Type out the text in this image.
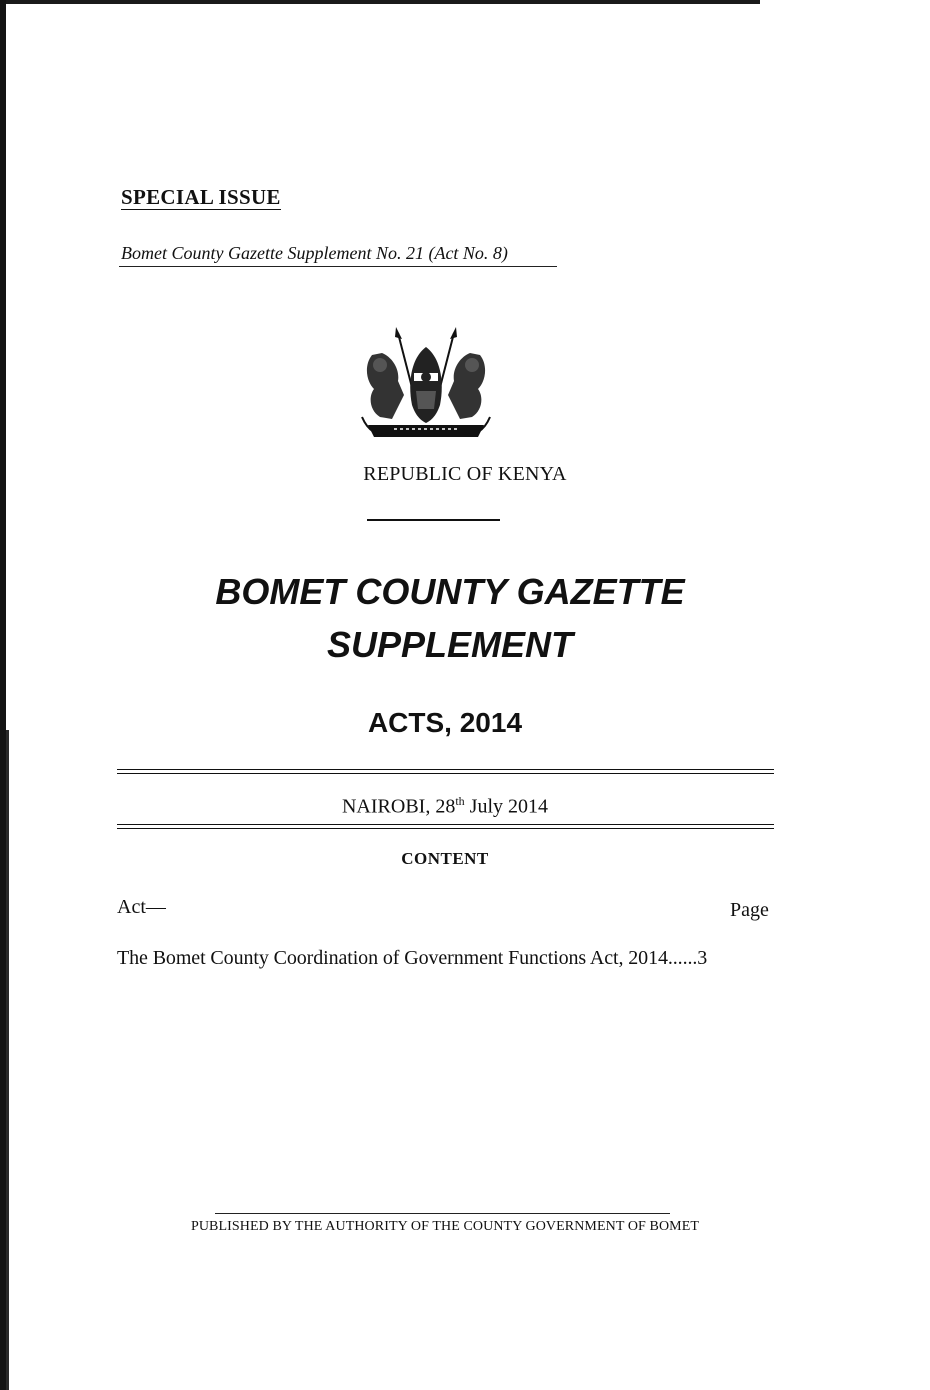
SPECIAL ISSUE
Bomet County Gazette Supplement No. 21 (Act No. 8)
REPUBLIC OF KENYA
BOMET COUNTY GAZETTE
SUPPLEMENT
ACTS, 2014
NAIROBI, 28th July 2014
CONTENT
Act—	Page
The Bomet County Coordination of Government Functions Act, 2014......3
PUBLISHED BY THE AUTHORITY OF THE COUNTY GOVERNMENT OF BOMET
